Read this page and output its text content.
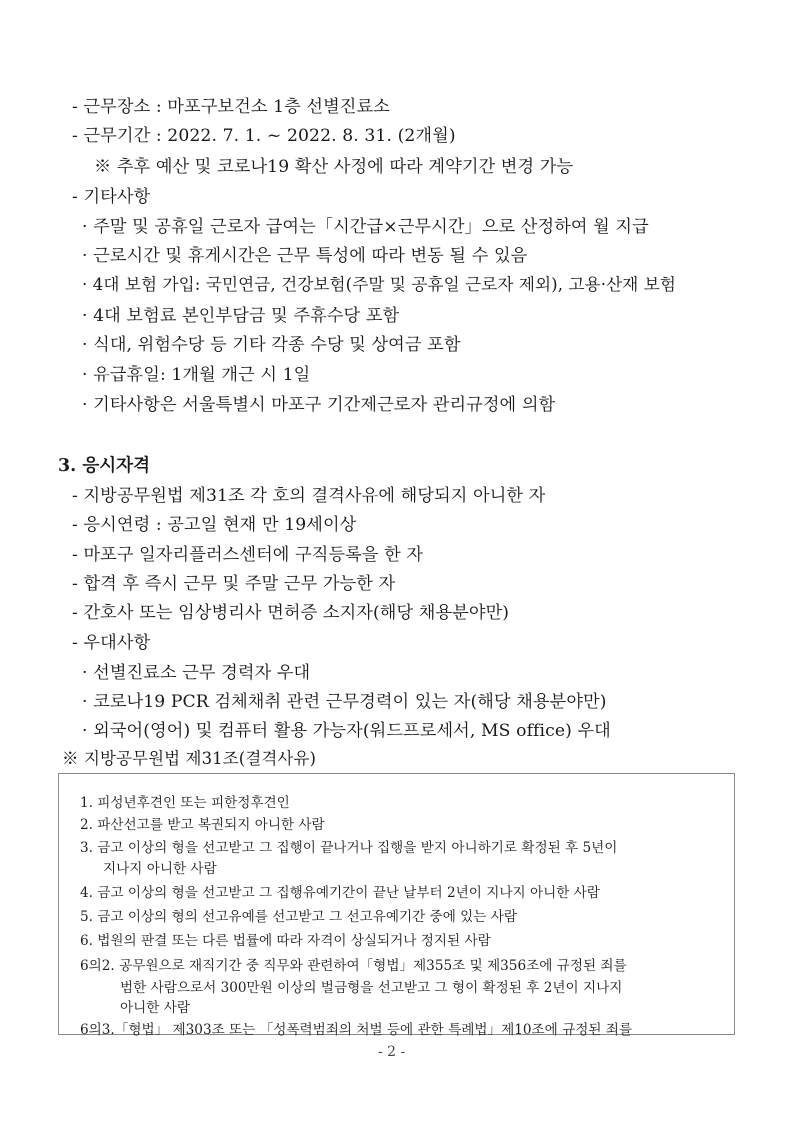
- 근무장소 : 마포구보건소 1층 선별진료소
- 근무기간 : 2022. 7. 1. ~ 2022. 8. 31. (2개월)
※ 추후 예산 및 코로나19 확산 사정에 따라 계약기간 변경 가능
- 기타사항
· 주말 및 공휴일 근로자 급여는「시간급×근무시간」으로 산정하여 월 지급
· 근로시간 및 휴게시간은 근무 특성에 따라 변동 될 수 있음
· 4대 보험 가입: 국민연금, 건강보험(주말 및 공휴일 근로자 제외), 고용·산재 보험
· 4대 보험료 본인부담금 및 주휴수당 포함
· 식대, 위험수당 등 기타 각종 수당 및 상여금 포함
· 유급휴일: 1개월 개근 시 1일
· 기타사항은 서울특별시 마포구 기간제근로자 관리규정에 의함
3. 응시자격
- 지방공무원법 제31조 각 호의 결격사유에 해당되지 아니한 자
- 응시연령 : 공고일 현재 만 19세이상
- 마포구 일자리플러스센터에 구직등록을 한 자
- 합격 후 즉시 근무 및 주말 근무 가능한 자
- 간호사 또는 임상병리사 면허증 소지자(해당 채용분야만)
- 우대사항
· 선별진료소 근무 경력자 우대
· 코로나19 PCR 검체채취 관련 근무경력이 있는 자(해당 채용분야만)
· 외국어(영어) 및 컴퓨터 활용 가능자(워드프로세서, MS office) 우대
※ 지방공무원법 제31조(결격사유)
1. 피성년후견인 또는 피한정후견인
2. 파산선고를 받고 복권되지 아니한 사람
3. 금고 이상의 형을 선고받고 그 집행이 끝나거나 집행을 받지 아니하기로 확정된 후 5년이
지나지 아니한 사람
4. 금고 이상의 형을 선고받고 그 집행유예기간이 끝난 날부터 2년이 지나지 아니한 사람
5. 금고 이상의 형의 선고유예를 선고받고 그 선고유예기간 중에 있는 사람
6. 법원의 판결 또는 다른 법률에 따라 자격이 상실되거나 정지된 사람
6의2. 공무원으로 재직기간 중 직무와 관련하여「형법」제355조 및 제356조에 규정된 죄를
범한 사람으로서 300만원 이상의 벌금형을 선고받고 그 형이 확정된 후 2년이 지나지
아니한 사람
6의3.「형법」 제303조 또는 「성폭력범죄의 처벌 등에 관한 특례법」제10조에 규정된 죄를
- 2 -
